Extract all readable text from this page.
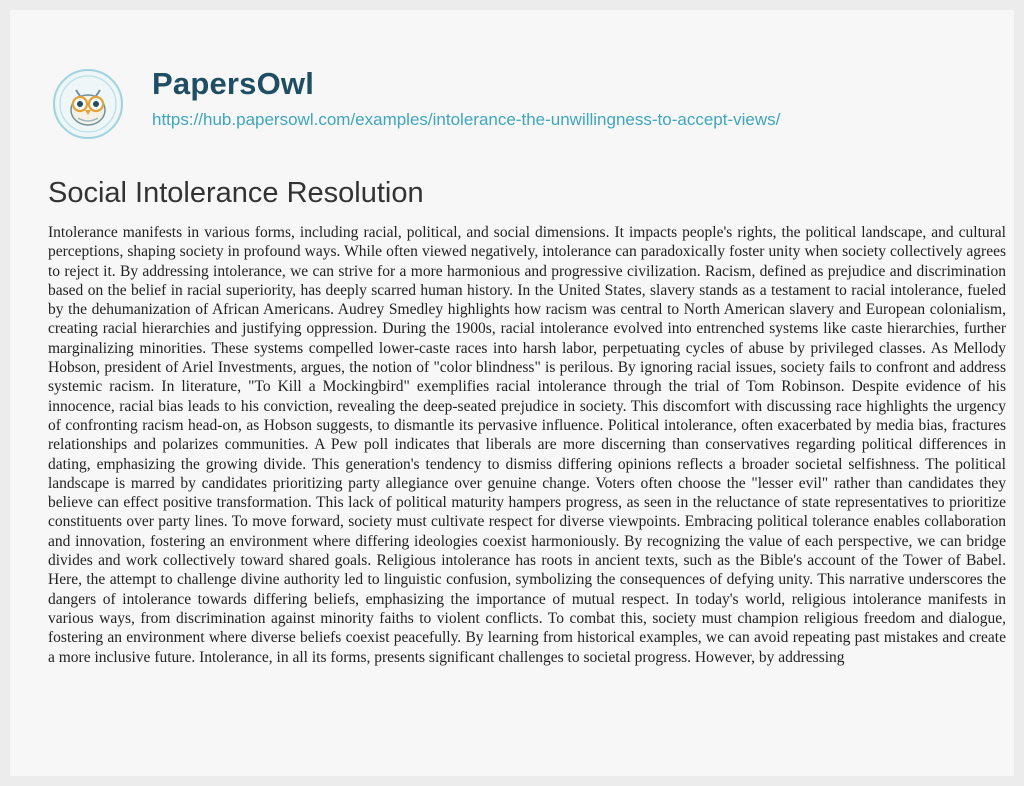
PapersOwl
https://hub.papersowl.com/examples/intolerance-the-unwillingness-to-accept-views/
Social Intolerance Resolution

Intolerance manifests in various forms, including racial, political, and social dimensions. It impacts people's rights, the political landscape, and cultural perceptions, shaping society in profound ways. While often viewed negatively, intolerance can paradoxically foster unity when society collectively agrees to reject it. By addressing intolerance, we can strive for a more harmonious and progressive civilization. Racism, defined as prejudice and discrimination based on the belief in racial superiority, has deeply scarred human history. In the United States, slavery stands as a testament to racial intolerance, fueled by the dehumanization of African Americans. Audrey Smedley highlights how racism was central to North American slavery and European colonialism, creating racial hierarchies and justifying oppression. During the 1900s, racial intolerance evolved into entrenched systems like caste hierarchies, further marginalizing minorities. These systems compelled lower-caste races into harsh labor, perpetuating cycles of abuse by privileged classes. As Mellody Hobson, president of Ariel Investments, argues, the notion of "color blindness" is perilous. By ignoring racial issues, society fails to confront and address systemic racism. In literature, "To Kill a Mockingbird" exemplifies racial intolerance through the trial of Tom Robinson. Despite evidence of his innocence, racial bias leads to his conviction, revealing the deep-seated prejudice in society. This discomfort with discussing race highlights the urgency of confronting racism head-on, as Hobson suggests, to dismantle its pervasive influence. Political intolerance, often exacerbated by media bias, fractures relationships and polarizes communities. A Pew poll indicates that liberals are more discerning than conservatives regarding political differences in dating, emphasizing the growing divide. This generation's tendency to dismiss differing opinions reflects a broader societal selfishness. The political landscape is marred by candidates prioritizing party allegiance over genuine change. Voters often choose the "lesser evil" rather than candidates they believe can effect positive transformation. This lack of political maturity hampers progress, as seen in the reluctance of state representatives to prioritize constituents over party lines. To move forward, society must cultivate respect for diverse viewpoints. Embracing political tolerance enables collaboration and innovation, fostering an environment where differing ideologies coexist harmoniously. By recognizing the value of each perspective, we can bridge divides and work collectively toward shared goals. Religious intolerance has roots in ancient texts, such as the Bible's account of the Tower of Babel. Here, the attempt to challenge divine authority led to linguistic confusion, symbolizing the consequences of defying unity. This narrative underscores the dangers of intolerance towards differing beliefs, emphasizing the importance of mutual respect. In today's world, religious intolerance manifests in various ways, from discrimination against minority faiths to violent conflicts. To combat this, society must champion religious freedom and dialogue, fostering an environment where diverse beliefs coexist peacefully. By learning from historical examples, we can avoid repeating past mistakes and create a more inclusive future. Intolerance, in all its forms, presents significant challenges to societal progress. However, by addressing
